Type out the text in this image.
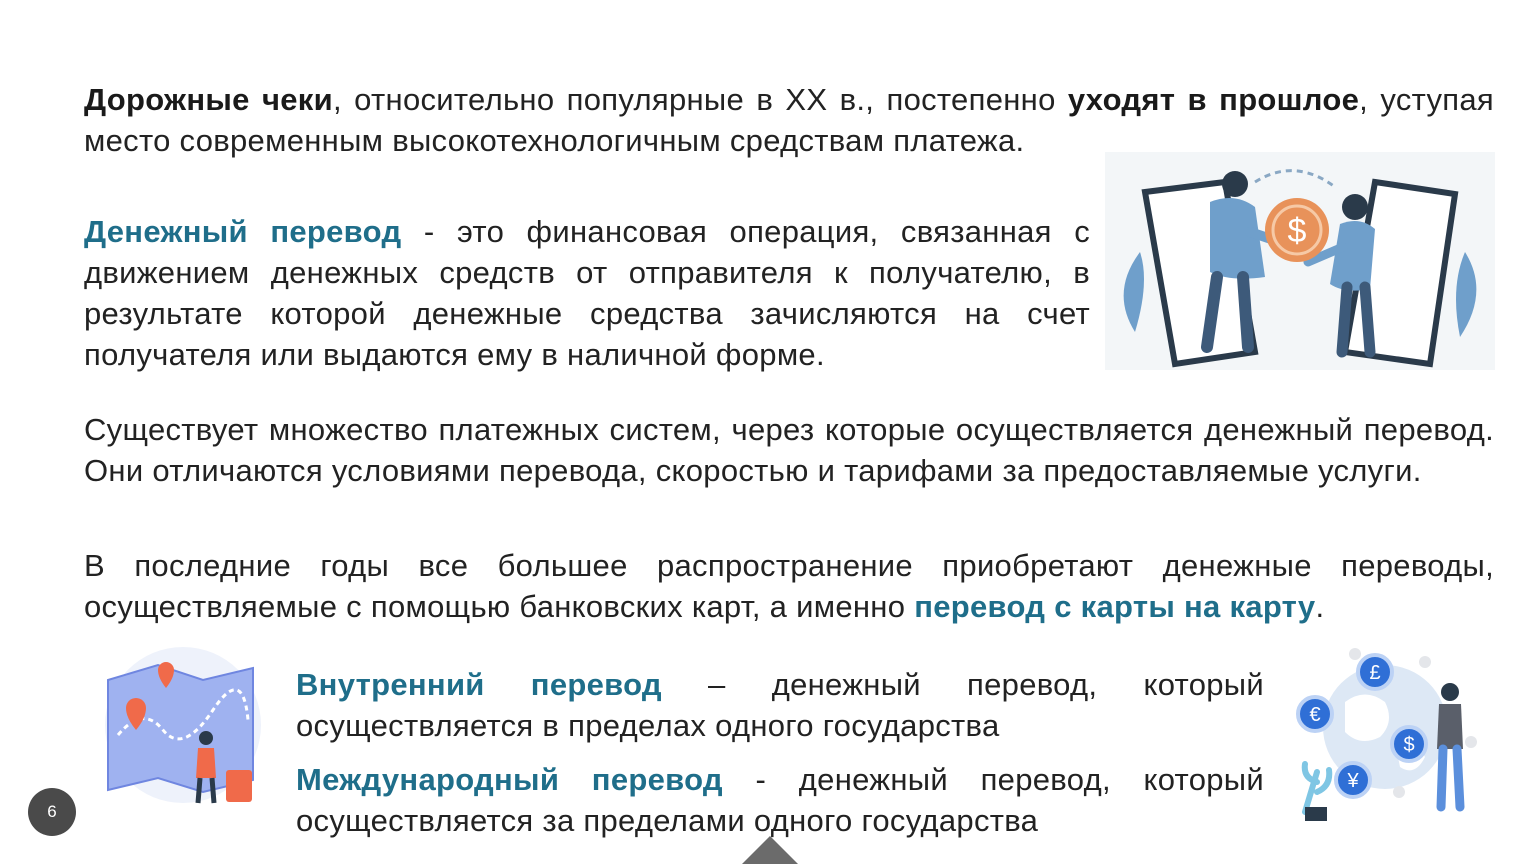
Дорожные чеки, относительно популярные в XX в., постепенно уходят в прошлое, уступая место современным высокотехнологичным средствам платежа.

Денежный перевод - это финансовая операция, связанная с движением денежных средств от отправителя к получателю, в результате которой денежные средства зачисляются на счет получателя или выдаются ему в наличной форме.

$

Существует множество платежных систем, через которые осуществляется денежный перевод. Они отличаются условиями перевода, скоростью и тарифами за предоставляемые услуги.

В последние годы все большее распространение приобретают денежные переводы, осуществляемые с помощью банковских карт, а именно перевод с карты на карту.

Внутренний перевод – денежный перевод, который осуществляется в пределах одного государства

Международный перевод - денежный перевод, который осуществляется за пределами одного государства

£
€
$
¥
6
